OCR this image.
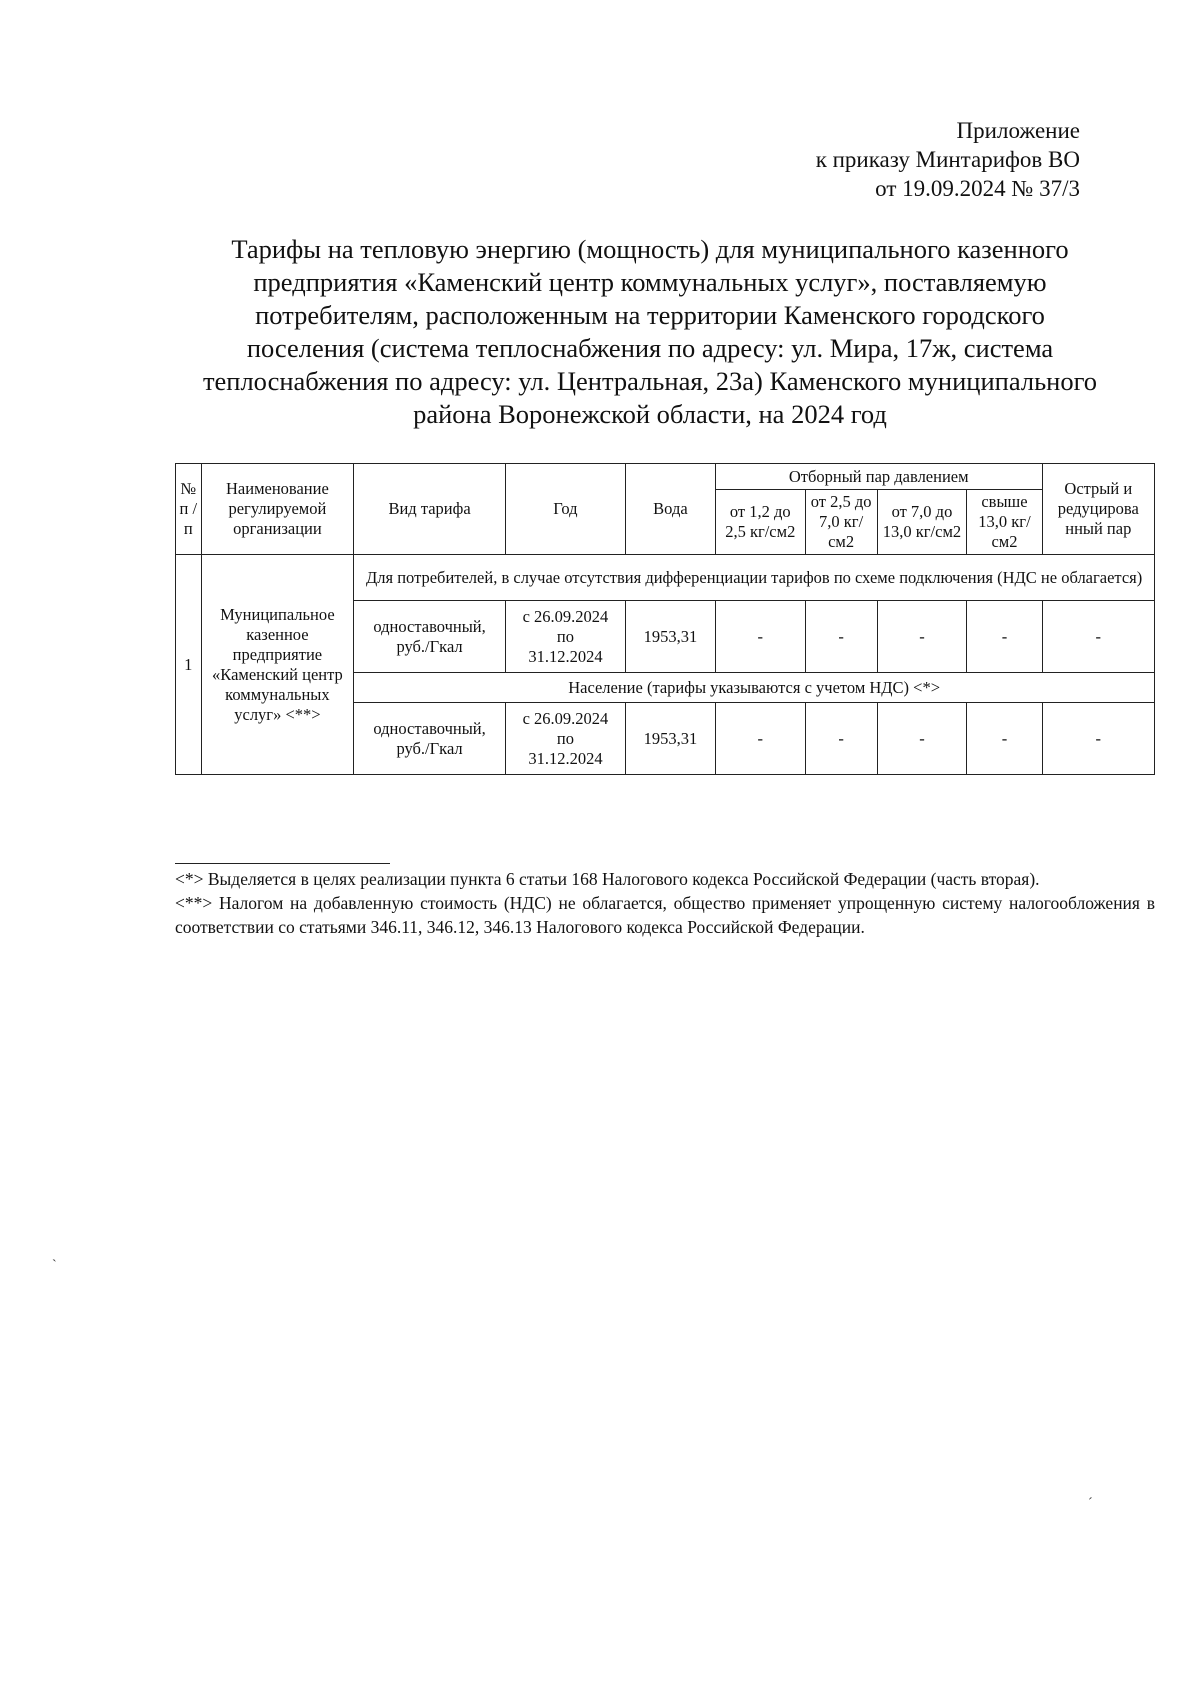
Приложение
к приказу Минтарифов ВО
от 19.09.2024 № 37/3
Тарифы на тепловую энергию (мощность) для муниципального казенного
предприятия «Каменский центр коммунальных услуг», поставляемую
потребителям, расположенным на территории Каменского городского
поселения (система теплоснабжения по адресу: ул. Мира, 17ж, система
теплоснабжения по адресу: ул. Центральная, 23а) Каменского муниципального
района Воронежской области, на 2024 год
№ п / п	Наименование регулируемой организации	Вид тарифа	Год	Вода	Отборный пар давлением				Острый и редуцирова нный пар
					от 1,2 до 2,5 кг/см2	от 2,5 до 7,0 кг/см2	от 7,0 до 13,0 кг/см2	свыше 13,0 кг/см2	
1	Муниципальное казенное предприятие «Каменский центр коммунальных услуг» <**>	Для потребителей, в случае отсутствия дифференциации тарифов по схеме подключения (НДС не облагается)							
		одноставочный, руб./Гкал	с 26.09.2024
по
31.12.2024	1953,31	-	-	-	-	-
		Население (тарифы указываются с учетом НДС) <*>							
		одноставочный, руб./Гкал	с 26.09.2024
по
31.12.2024	1953,31	-	-	-	-	-

<*> Выделяется в целях реализации пункта 6 статьи 168 Налогового кодекса Российской Федерации (часть вторая).

<**> Налогом на добавленную стоимость (НДС) не облагается, общество применяет упрощенную систему налогообложения в соответствии со статьями 346.11, 346.12, 346.13 Налогового кодекса Российской Федерации.

`
´
